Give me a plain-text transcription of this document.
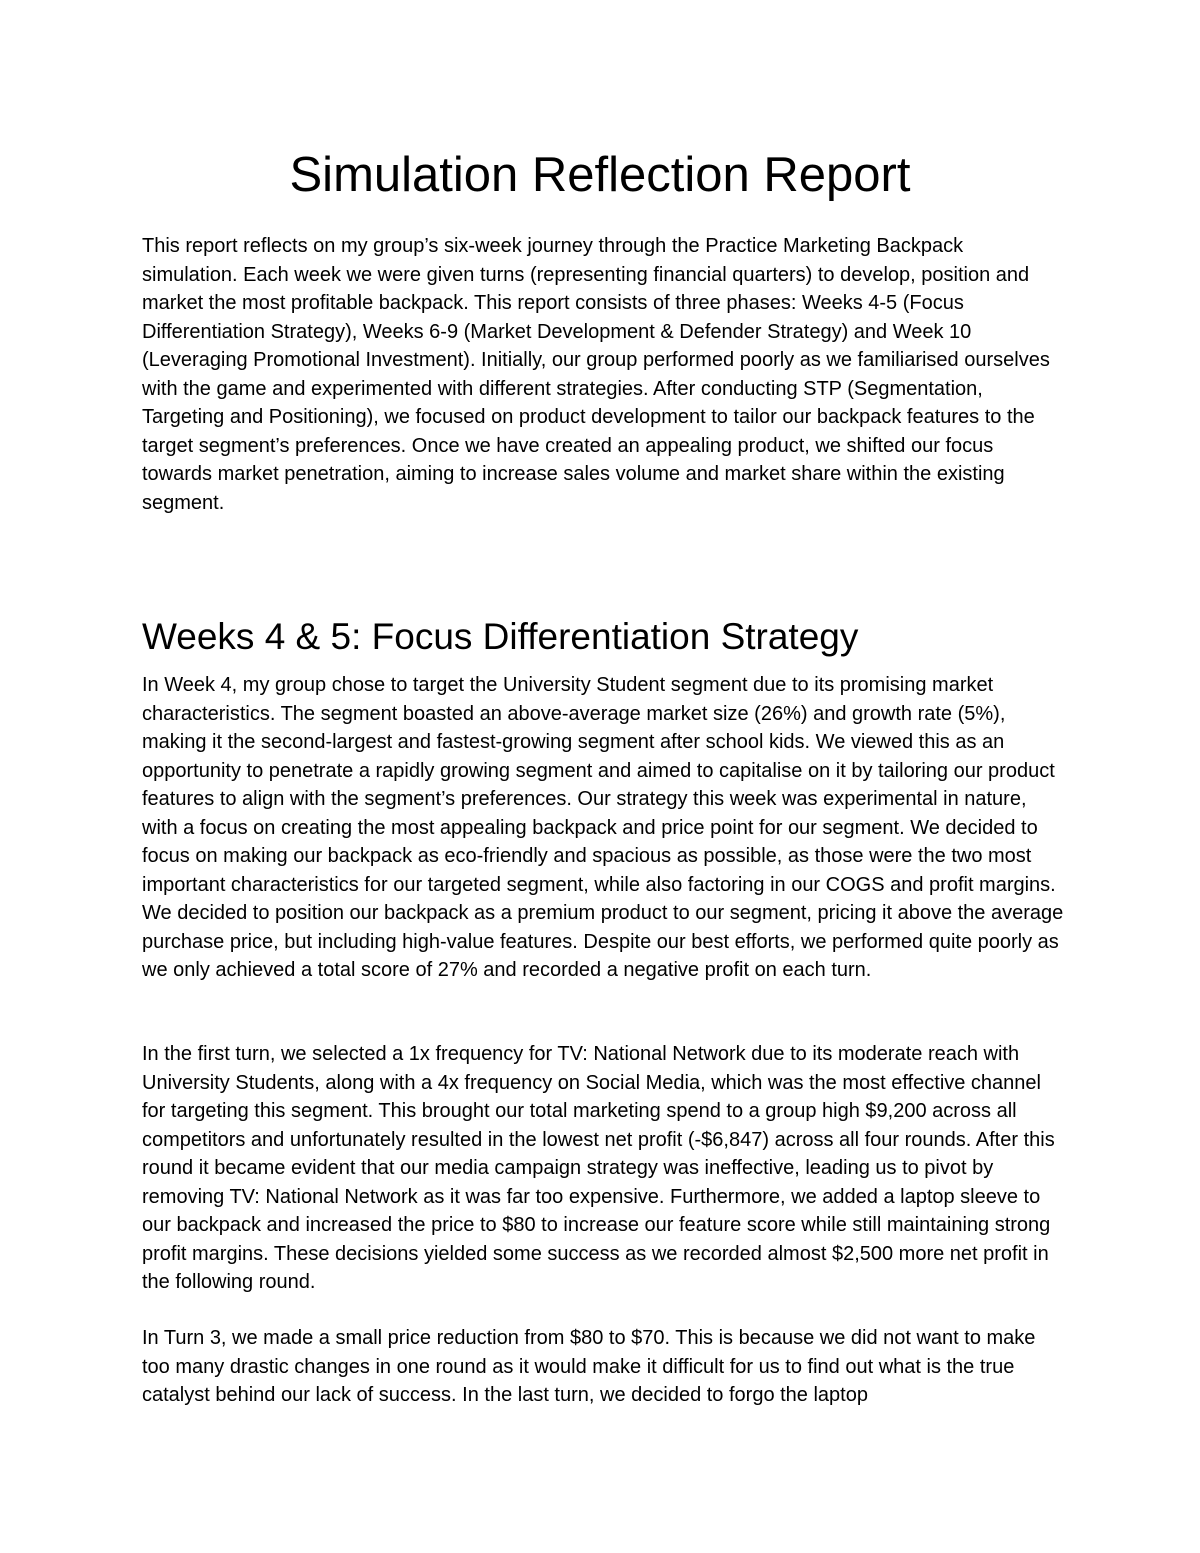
Simulation Reflection Report

This report reflects on my group’s six-week journey through the Practice Marketing Backpack simulation. Each week we were given turns (representing financial quarters) to develop, position and market the most profitable backpack. This report consists of three phases: Weeks 4-5 (Focus Differentiation Strategy), Weeks 6-9 (Market Development & Defender Strategy) and Week 10 (Leveraging Promotional Investment). Initially, our group performed poorly as we familiarised ourselves with the game and experimented with different strategies. After conducting STP (Segmentation, Targeting and Positioning), we focused on product development to tailor our backpack features to the target segment’s preferences. Once we have created an appealing product, we shifted our focus towards market penetration, aiming to increase sales volume and market share within the existing segment.

Weeks 4 & 5: Focus Differentiation Strategy

In Week 4, my group chose to target the University Student segment due to its promising market characteristics. The segment boasted an above-average market size (26%) and growth rate (5%), making it the second-largest and fastest-growing segment after school kids. We viewed this as an opportunity to penetrate a rapidly growing segment and aimed to capitalise on it by tailoring our product features to align with the segment’s preferences. Our strategy this week was experimental in nature, with a focus on creating the most appealing backpack and price point for our segment. We decided to focus on making our backpack as eco-friendly and spacious as possible, as those were the two most important characteristics for our targeted segment, while also factoring in our COGS and profit margins. We decided to position our backpack as a premium product to our segment, pricing it above the average purchase price, but including high-value features. Despite our best efforts, we performed quite poorly as we only achieved a total score of 27% and recorded a negative profit on each turn.

In the first turn, we selected a 1x frequency for TV: National Network due to its moderate reach with University Students, along with a 4x frequency on Social Media, which was the most effective channel for targeting this segment. This brought our total marketing spend to a group high $9,200 across all competitors and unfortunately resulted in the lowest net profit (-$6,847) across all four rounds. After this round it became evident that our media campaign strategy was ineffective, leading us to pivot by removing TV: National Network as it was far too expensive. Furthermore, we added a laptop sleeve to our backpack and increased the price to $80 to increase our feature score while still maintaining strong profit margins. These decisions yielded some success as we recorded almost $2,500 more net profit in the following round.

In Turn 3, we made a small price reduction from $80 to $70. This is because we did not want to make too many drastic changes in one round as it would make it difficult for us to find out what is the true catalyst behind our lack of success. In the last turn, we decided to forgo the laptop
